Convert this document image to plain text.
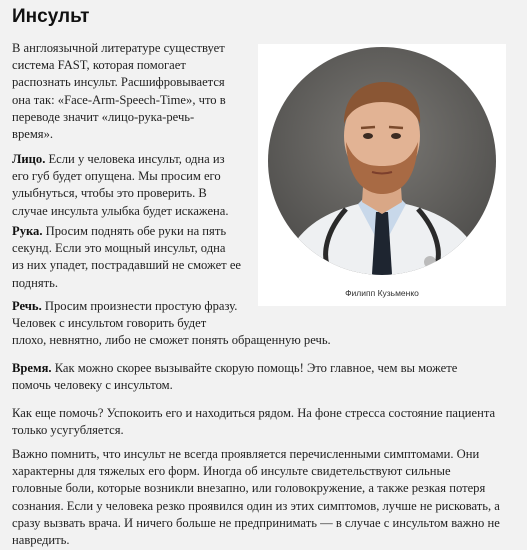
Инсульт

В англоязычной литературе существует
система FAST, которая помогает
распознать инсульт. Расшифровывается
она так: «Face-Arm-Speech-Time», что в
переводе значит «лицо-рука-речь-
время».

Лицо. Если у человека инсульт, одна из
его губ будет опущена. Мы просим его
улыбнуться, чтобы это проверить. В
случае инсульта улыбка будет искажена.

Рука. Просим поднять обе руки на пять
секунд. Если это мощный инсульт, одна
из них упадет, пострадавший не сможет ее
поднять.

Речь. Просим произнести простую фразу.
Человек с инсультом говорить будет
плохо, невнятно, либо не сможет понять обращенную речь.

Время. Как можно скорее вызывайте скорую помощь! Это главное, чем вы можете
помочь человеку с инсультом.

Как еще помочь? Успокоить его и находиться рядом. На фоне стресса состояние пациента
только усугубляется.

Важно помнить, что инсульт не всегда проявляется перечисленными симптомами. Они
характерны для тяжелых его форм. Иногда об инсульте свидетельствуют сильные
головные боли, которые возникли внезапно, или головокружение, а также резкая потеря
сознания. Если у человека резко проявился один из этих симптомов, лучше не рисковать, а
сразу вызвать врача. И ничего больше не предпринимать — в случае с инсультом важно не
навредить.

Филипп Кузьменко
